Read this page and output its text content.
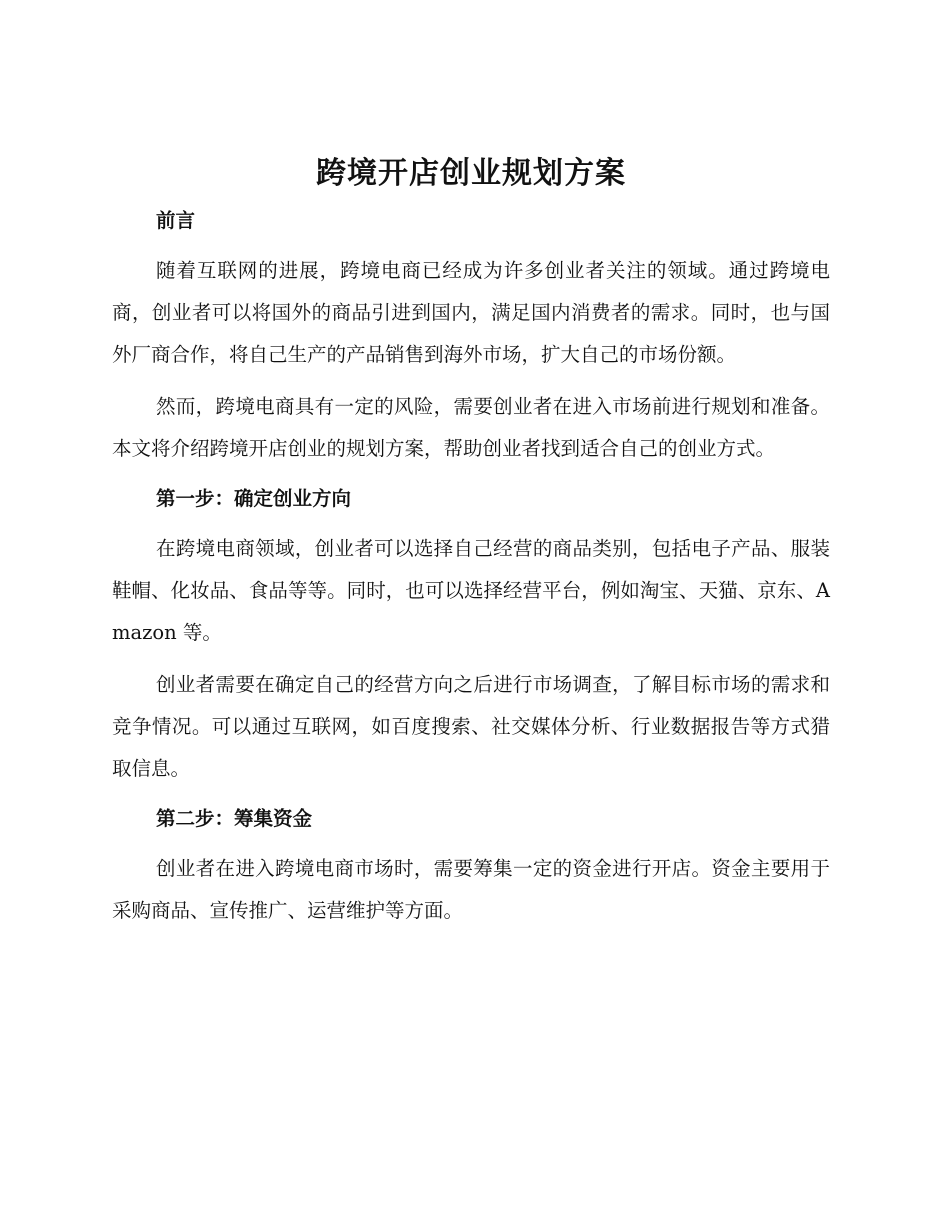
跨境开店创业规划方案
前言

随着互联网的进展，跨境电商已经成为许多创业者关注的领域。通过跨境电商，创业者可以将国外的商品引进到国内，满足国内消费者的需求。同时，也与国外厂商合作，将自己生产的产品销售到海外市场，扩大自己的市场份额。

然而，跨境电商具有一定的风险，需要创业者在进入市场前进行规划和准备。本文将介绍跨境开店创业的规划方案，帮助创业者找到适合自己的创业方式。

第一步：确定创业方向

在跨境电商领域，创业者可以选择自己经营的商品类别，包括电子产品、服装鞋帽、化妆品、食品等等。同时，也可以选择经营平台，例如淘宝、天猫、京东、Amazon 等。

创业者需要在确定自己的经营方向之后进行市场调查，了解目标市场的需求和竞争情况。可以通过互联网，如百度搜索、社交媒体分析、行业数据报告等方式猎取信息。

第二步：筹集资金

创业者在进入跨境电商市场时，需要筹集一定的资金进行开店。资金主要用于采购商品、宣传推广、运营维护等方面。
